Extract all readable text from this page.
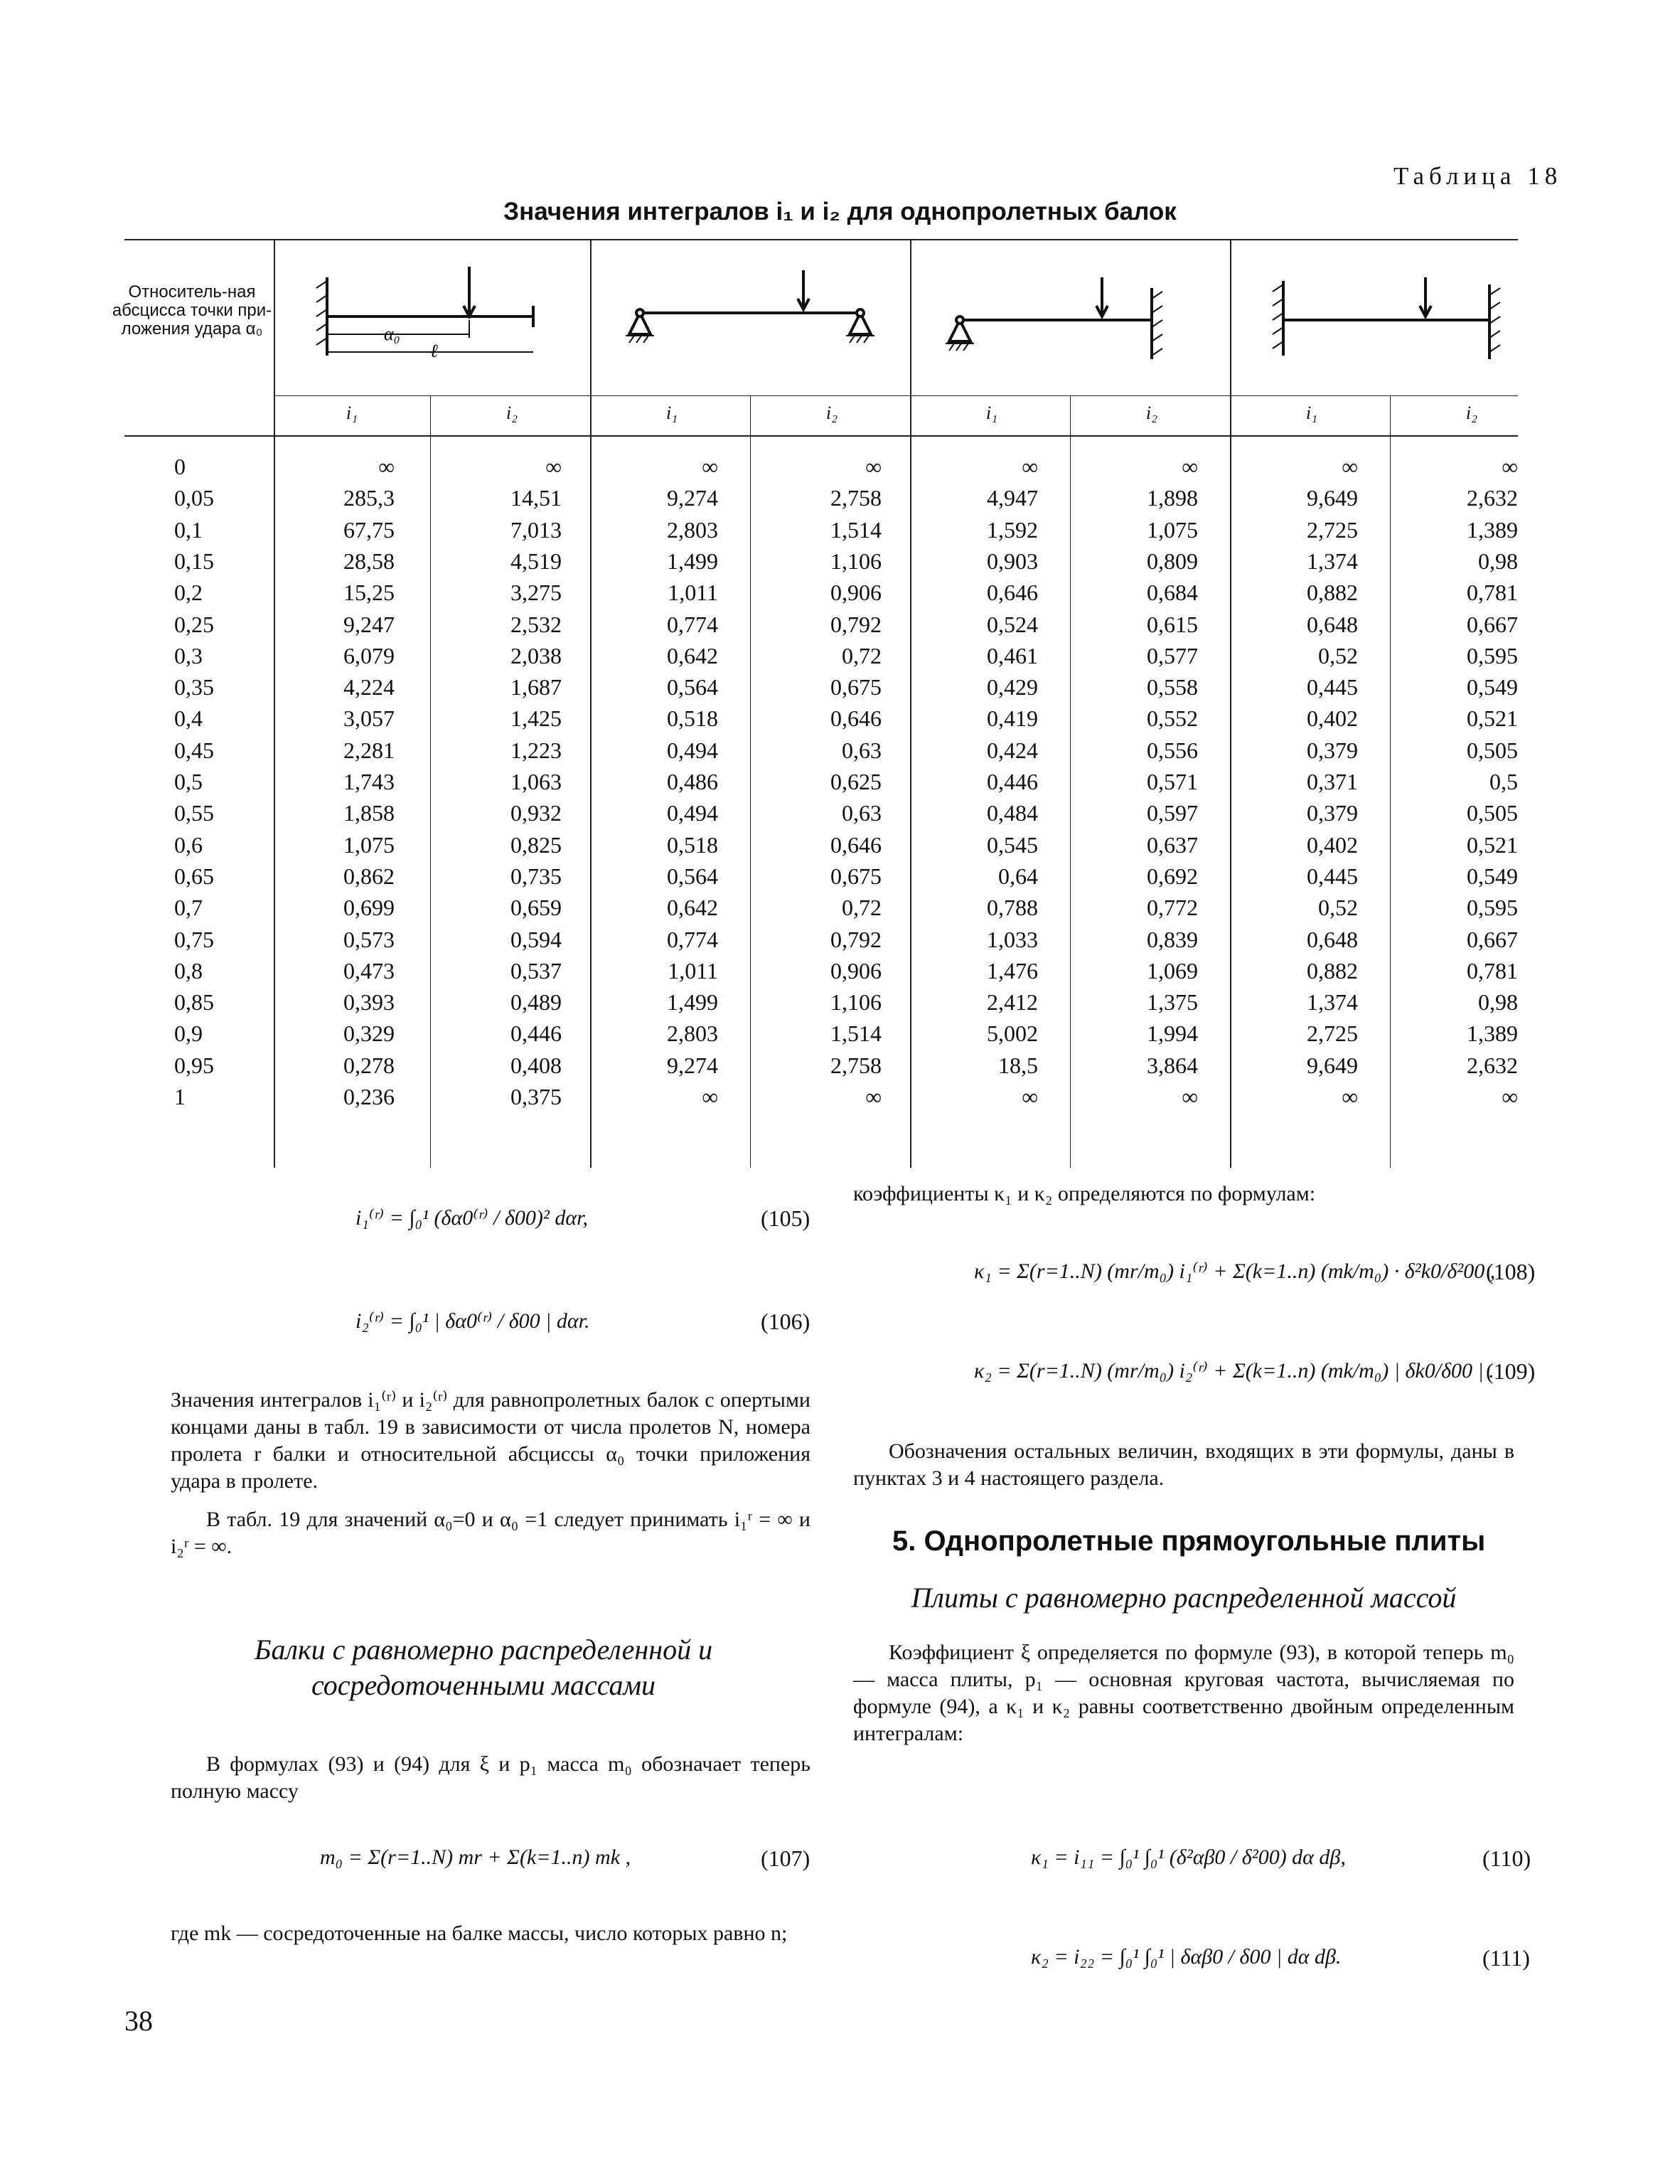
Таблица 18
Значения интегралов i₁ и i₂ для однопролетных балок
Относитель-ная абсцисса точки при-ложения удара α₀	α₀
ℓ
i₁	i₂	i₁	i₂	i₁	i₂	i₁	i₂
0	∞	∞	∞	∞	∞	∞	∞	∞
0,05	285,3	14,51	9,274	2,758	4,947	1,898	9,649	2,632
0,1	67,75	7,013	2,803	1,514	1,592	1,075	2,725	1,389
0,15	28,58	4,519	1,499	1,106	0,903	0,809	1,374	0,98
0,2	15,25	3,275	1,011	0,906	0,646	0,684	0,882	0,781
0,25	9,247	2,532	0,774	0,792	0,524	0,615	0,648	0,667
0,3	6,079	2,038	0,642	0,72	0,461	0,577	0,52	0,595
0,35	4,224	1,687	0,564	0,675	0,429	0,558	0,445	0,549
0,4	3,057	1,425	0,518	0,646	0,419	0,552	0,402	0,521
0,45	2,281	1,223	0,494	0,63	0,424	0,556	0,379	0,505
0,5	1,743	1,063	0,486	0,625	0,446	0,571	0,371	0,5
0,55	1,858	0,932	0,494	0,63	0,484	0,597	0,379	0,505
0,6	1,075	0,825	0,518	0,646	0,545	0,637	0,402	0,521
0,65	0,862	0,735	0,564	0,675	0,64	0,692	0,445	0,549
0,7	0,699	0,659	0,642	0,72	0,788	0,772	0,52	0,595
0,75	0,573	0,594	0,774	0,792	1,033	0,839	0,648	0,667
0,8	0,473	0,537	1,011	0,906	1,476	1,069	0,882	0,781
0,85	0,393	0,489	1,499	1,106	2,412	1,375	1,374	0,98
0,9	0,329	0,446	2,803	1,514	5,002	1,994	2,725	1,389
0,95	0,278	0,408	9,274	2,758	18,5	3,864	9,649	2,632
1	0,236	0,375	∞	∞	∞	∞	∞	∞
i₁⁽ʳ⁾ = ∫₀¹ (δα0⁽ʳ⁾ / δ00)² dαr,	(105)
i₂⁽ʳ⁾ = ∫₀¹ | δα0⁽ʳ⁾ / δ00 | dαr.	(106)
Значения интегралов i₁⁽ʳ⁾ и i₂⁽ʳ⁾ для равнопролетных балок с опертыми концами даны в табл. 19 в зависимости от числа пролетов N, номера пролета r балки и относительной абсциссы α₀ точки приложения удара в пролете.
В табл. 19 для значений α₀=0 и α₀ =1 следует принимать i₁ʳ = ∞ и i₂ʳ = ∞.
Балки с равномерно распределенной и сосредоточенными массами
В формулах (93) и (94) для ξ и p₁ масса m₀ обозначает теперь полную массу
m₀ = Σ(r=1..N) mr + Σ(k=1..n) mk ,	(107)
где mk — сосредоточенные на балке массы, число которых равно n;
коэффициенты κ₁ и κ₂ определяются по формулам:
κ₁ = Σ(r=1..N) (mr/m₀) i₁⁽ʳ⁾ + Σ(k=1..n) (mk/m₀) · δ²k0/δ²00 ,
(108)
κ₂ = Σ(r=1..N) (mr/m₀) i₂⁽ʳ⁾ + Σ(k=1..n) (mk/m₀) | δk0/δ00 | .
(109)
Обозначения остальных величин, входящих в эти формулы, даны в пунктах 3 и 4 настоящего раздела.
5. Однопролетные прямоугольные плиты
Плиты с равномерно распределенной массой
Коэффициент ξ определяется по формуле (93), в которой теперь m₀ — масса плиты, p₁ — основная круговая частота, вычисляемая по формуле (94), а κ₁ и κ₂ равны соответственно двойным определенным интегралам:
κ₁ = i₁₁ = ∫₀¹ ∫₀¹ (δ²αβ0 / δ²00) dα dβ,	(110)
κ₂ = i₂₂ = ∫₀¹ ∫₀¹ | δαβ0 / δ00 | dα dβ.	(111)
38
